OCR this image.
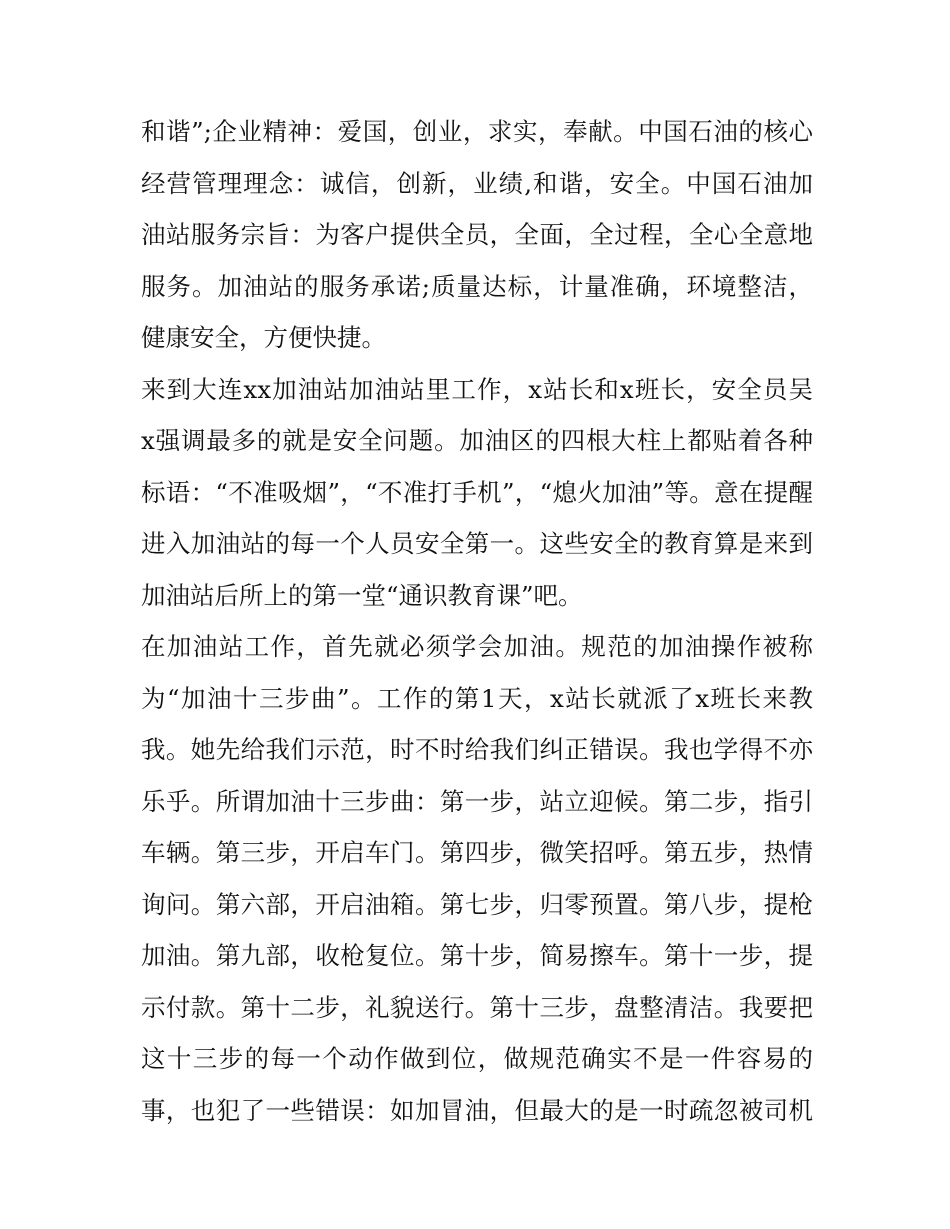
和谐”;企业精神：爱国，创业，求实，奉献。中国石油的核心
经营管理理念：诚信，创新，业绩,和谐，安全。中国石油加
油站服务宗旨：为客户提供全员，全面，全过程，全心全意地
服务。加油站的服务承诺;质量达标，计量准确，环境整洁，
健康安全，方便快捷。
来到大连xx加油站加油站里工作，x站长和x班长，安全员吴
x强调最多的就是安全问题。加油区的四根大柱上都贴着各种
标语：“不准吸烟”，“不准打手机”，“熄火加油”等。意在提醒
进入加油站的每一个人员安全第一。这些安全的教育算是来到
加油站后所上的第一堂“通识教育课”吧。
在加油站工作，首先就必须学会加油。规范的加油操作被称
为“加油十三步曲”。工作的第1天，x站长就派了x班长来教
我。她先给我们示范，时不时给我们纠正错误。我也学得不亦
乐乎。所谓加油十三步曲：第一步，站立迎候。第二步，指引
车辆。第三步，开启车门。第四步，微笑招呼。第五步，热情
询问。第六部，开启油箱。第七步，归零预置。第八步，提枪
加油。第九部，收枪复位。第十步，简易擦车。第十一步，提
示付款。第十二步，礼貌送行。第十三步，盘整清洁。我要把
这十三步的每一个动作做到位，做规范确实不是一件容易的
事，也犯了一些错误：如加冒油，但最大的是一时疏忽被司机
